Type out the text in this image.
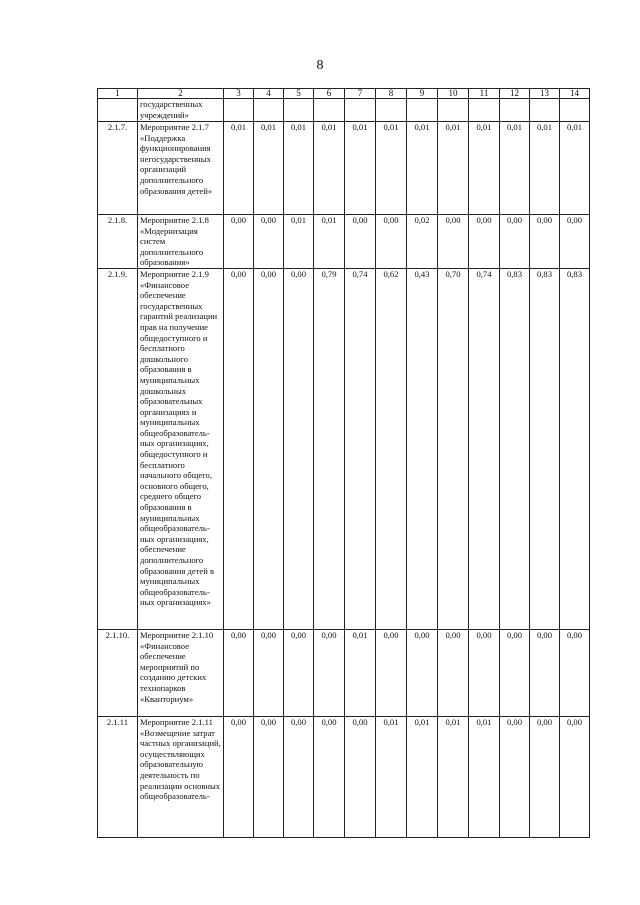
8
1	2	3	4	5	6	7	8	9	10	11	12	13	14
	государственных учреждений»												
2.1.7.	Мероприятие 2.1.7 «Поддержка функционирования негосударственных организаций дополнительного образования детей»	0,01	0,01	0,01	0,01	0,01	0,01	0,01	0,01	0,01	0,01	0,01	0,01
2.1.8.	Мероприятие 2.1.8 «Модернизация систем дополнительного образования»	0,00	0,00	0,01	0,01	0,00	0,00	0,02	0,00	0,00	0,00	0,00	0,00
2.1.9.	Мероприятие 2.1.9 «Финансовое обеспечение государственных гарантий реализации прав на получение общедоступного и бесплатного дошкольного образования в муниципальных дошкольных образовательных организациях и муниципальных общеобразователь-ных организациях, общедоступного и бесплатного начального общего, основного общего, среднего общего образования в муниципальных общеобразователь-ных организациях, обеспечение дополнительного образования детей в муниципальных общеобразователь-ных организациях»	0,00	0,00	0,00	0,79	0,74	0,62	0,43	0,70	0,74	0,83	0,83	0,83
2.1.10.	Мероприятие 2.1.10 «Финансовое обеспечение мероприятий по созданию детских технопарков «Кванториум»	0,00	0,00	0,00	0,00	0,01	0,00	0,00	0,00	0,00	0,00	0,00	0,00
2.1.11	Мероприятие 2.1.11 «Возмещение затрат частных организаций, осуществляющих образовательную деятельность по реализации основных общеобразователь-	0,00	0,00	0,00	0,00	0,00	0,01	0,01	0,01	0,01	0,00	0,00	0,00
